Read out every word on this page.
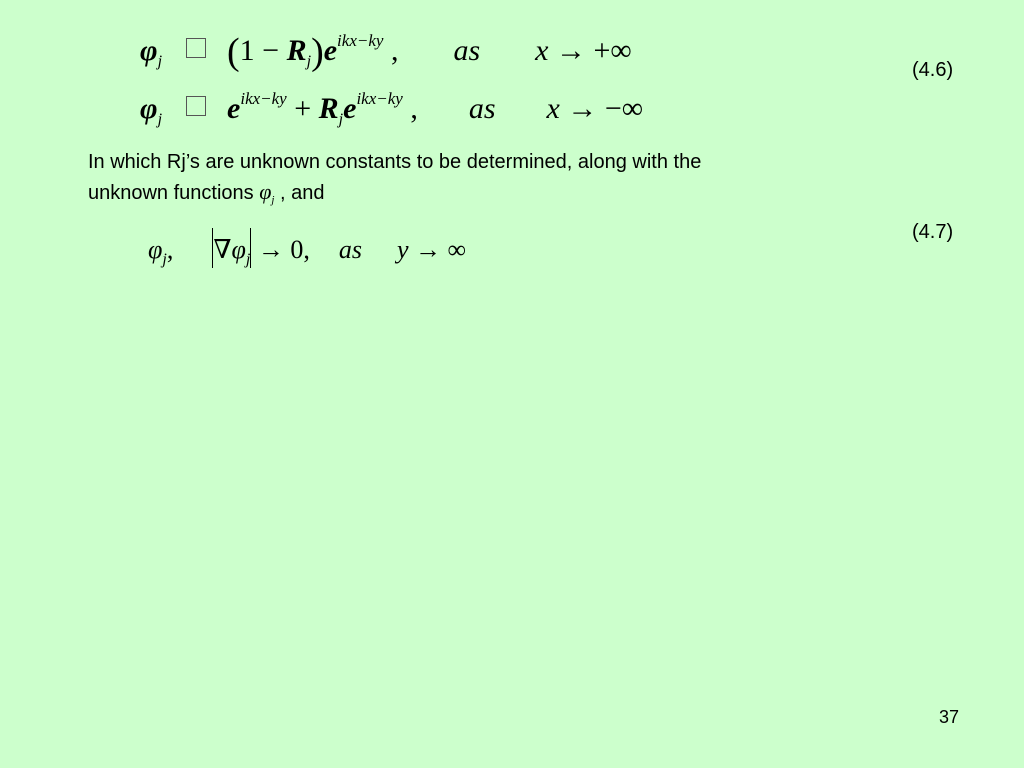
$\varphi_j$ $(1 - R_j)e^{ikx-ky}$ , as x → +∞
(4.6)
$\varphi_j$ $e^{ikx-ky} + R_je^{ikx-ky}$ , as x → −∞
In which Rj’s are unknown constants to be determined, along with the
unknown functions $\varphi_j$ , and
$\varphi_j$, $\nabla\varphi_j \to 0$, as y → ∞
(4.7)
37
